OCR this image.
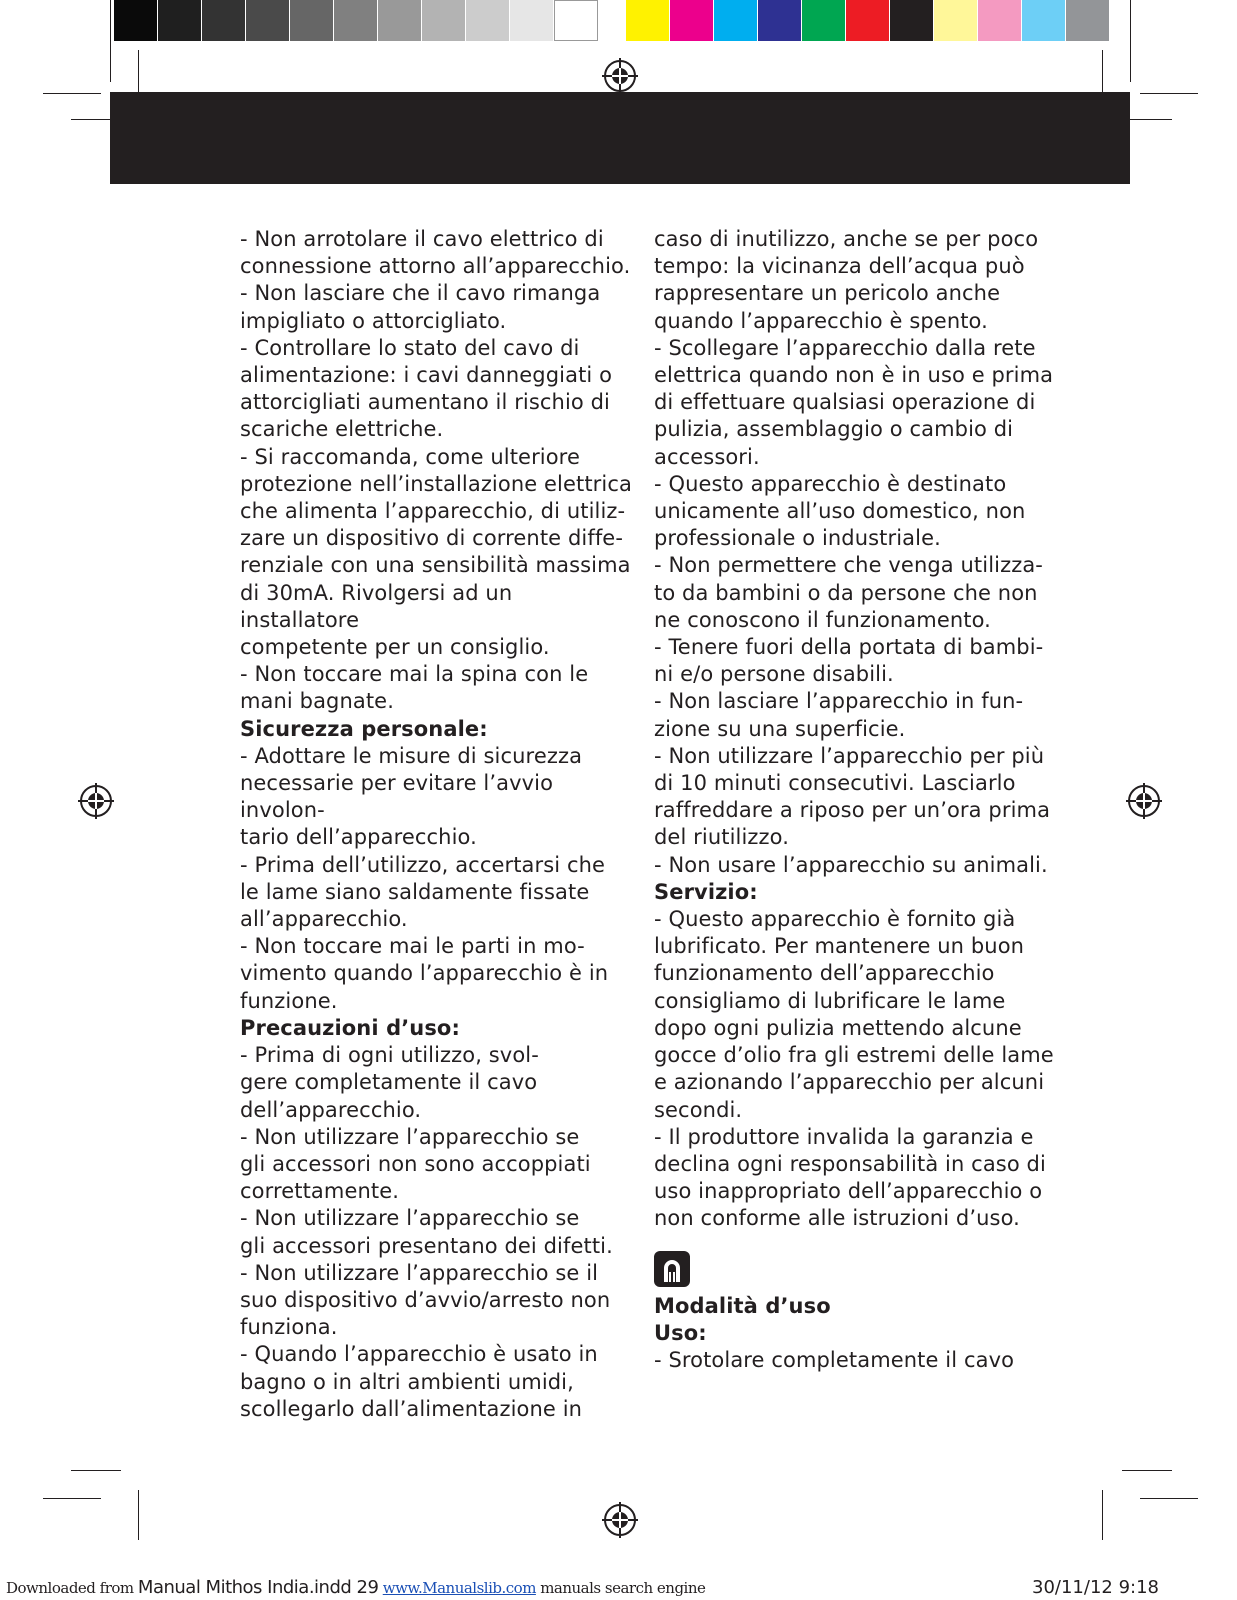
- Non arrotolare il cavo elettrico di
connessione attorno all’apparecchio.

- Non lasciare che il cavo rimanga
impigliato o attorcigliato.

- Controllare lo stato del cavo di
alimentazione: i cavi danneggiati o
attorcigliati aumentano il rischio di
scariche elettriche.

- Si raccomanda, come ulteriore
protezione nell’installazione elettrica
che alimenta l’apparecchio, di utiliz-
zare un dispositivo di corrente diffe-
renziale con una sensibilità massima
di 30mA. Rivolgersi ad un installatore
competente per un consiglio.

- Non toccare mai la spina con le
mani bagnate.

Sicurezza personale:

- Adottare le misure di sicurezza
necessarie per evitare l’avvio involon-
tario dell’apparecchio.

- Prima dell’utilizzo, accertarsi che
le lame siano saldamente fissate
all’apparecchio.

- Non toccare mai le parti in mo-
vimento quando l’apparecchio è in
funzione.

Precauzioni d’uso:

- Prima di ogni utilizzo, svol-
gere completamente il cavo
dell’apparecchio.

- Non utilizzare l’apparecchio se
gli accessori non sono accoppiati
correttamente.

- Non utilizzare l’apparecchio se
gli accessori presentano dei difetti.

- Non utilizzare l’apparecchio se il
suo dispositivo d’avvio/arresto non
funziona.

- Quando l’apparecchio è usato in
bagno o in altri ambienti umidi,
scollegarlo dall’alimentazione in

caso di inutilizzo, anche se per poco
tempo: la vicinanza dell’acqua può
rappresentare un pericolo anche
quando l’apparecchio è spento.

- Scollegare l’apparecchio dalla rete
elettrica quando non è in uso e prima
di effettuare qualsiasi operazione di
pulizia, assemblaggio o cambio di
accessori.

- Questo apparecchio è destinato
unicamente all’uso domestico, non
professionale o industriale.

- Non permettere che venga utilizza-
to da bambini o da persone che non
ne conoscono il funzionamento.

- Tenere fuori della portata di bambi-
ni e/o persone disabili.

- Non lasciare l’apparecchio in fun-
zione su una superficie.

- Non utilizzare l’apparecchio per più
di 10 minuti consecutivi. Lasciarlo
raffreddare a riposo per un’ora prima
del riutilizzo.

- Non usare l’apparecchio su animali.

Servizio:

- Questo apparecchio è fornito già
lubrificato. Per mantenere un buon
funzionamento dell’apparecchio
consigliamo di lubrificare le lame
dopo ogni pulizia mettendo alcune
gocce d’olio fra gli estremi delle lame
e azionando l’apparecchio per alcuni
secondi.

- Il produttore invalida la garanzia e
declina ogni responsabilità in caso di
uso inappropriato dell’apparecchio o
non conforme alle istruzioni d’uso.

Modalità d’uso

Uso:

- Srotolare completamente il cavo

Downloaded from Manual Mithos India.indd 29 www.Manualslib.com manuals search engine	30/11/12 9:18
